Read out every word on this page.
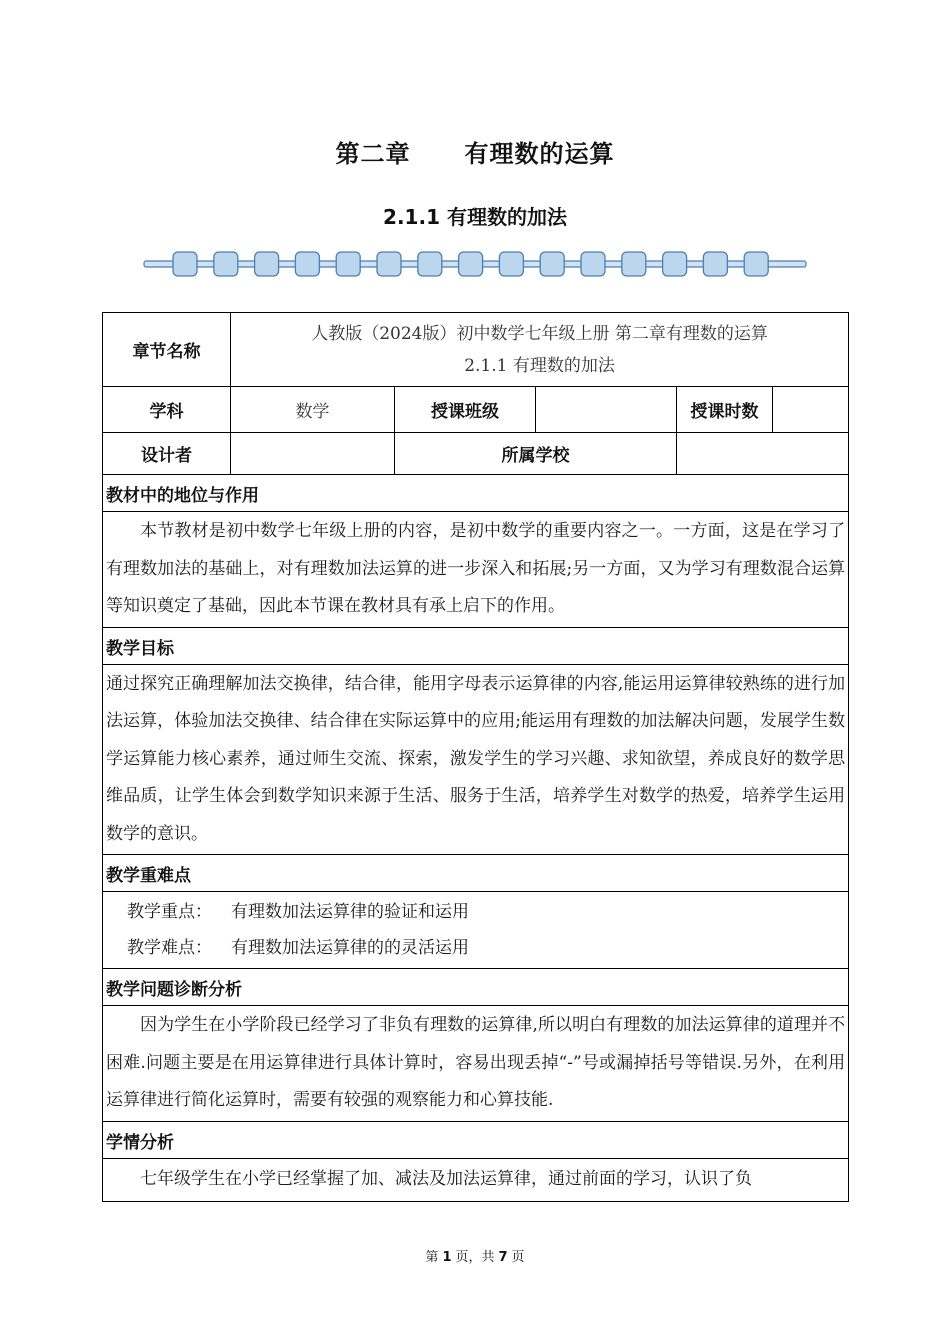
第二章 有理数的运算
2.1.1 有理数的加法
章节名称	人教版（2024版）初中数学七年级上册 第二章有理数的运算
2.1.1 有理数的加法				

学科	数学	授课班级		授课时数	
设计者		所属学校			
教材中的地位与作用					
本节教材是初中数学七年级上册的内容，是初中数学的重要内容之一。一方面，这是在学习了有理数加法的基础上，对有理数加法运算的进一步深入和拓展;另一方面，又为学习有理数混合运算等知识奠定了基础，因此本节课在教材具有承上启下的作用。					
教学目标					
通过探究正确理解加法交换律，结合律，能用字母表示运算律的内容,能运用运算律较熟练的进行加法运算，体验加法交换律、结合律在实际运算中的应用;能运用有理数的加法解决问题，发展学生数学运算能力核心素养，通过师生交流、探索，激发学生的学习兴趣、求知欲望，养成良好的数学思维品质，让学生体会到数学知识来源于生活、服务于生活，培养学生对数学的热爱，培养学生运用数学的意识。					
教学重难点					

教学重点： 有理数加法运算律的验证和运用
教学难点： 有理数加法运算律的的灵活运用					

教学问题诊断分析					
因为学生在小学阶段已经学习了非负有理数的运算律,所以明白有理数的加法运算律的道理并不困难.问题主要是在用运算律进行具体计算时，容易出现丢掉“-”号或漏掉括号等错误.另外，在利用运算律进行简化运算时，需要有较强的观察能力和心算技能.					
学情分析					
七年级学生在小学已经掌握了加、减法及加法运算律，通过前面的学习，认识了负					
第 1 页，共 7 页
